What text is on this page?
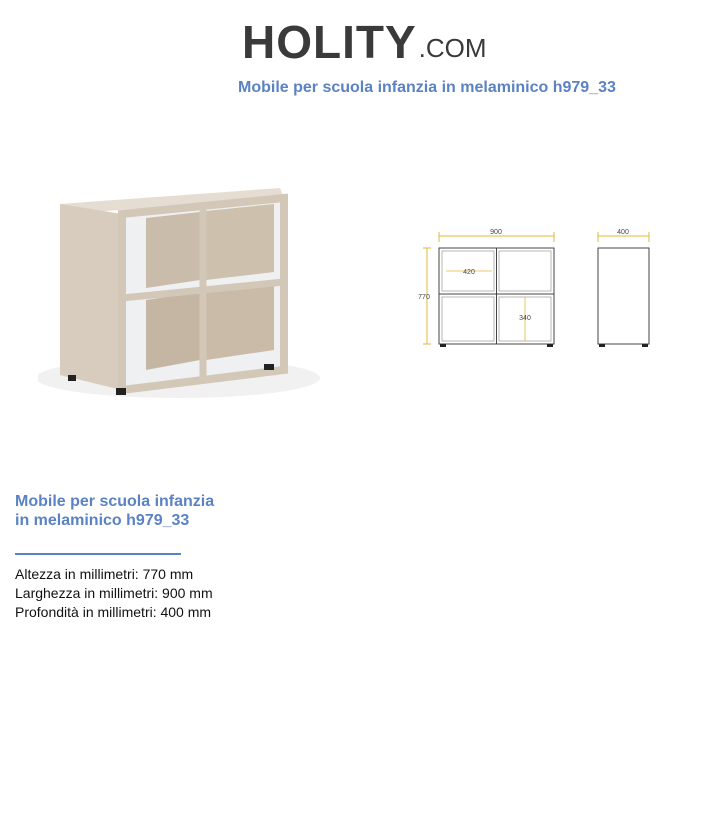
HOLITY .COM
Mobile per scuola infanzia in melaminico h979_33
900
770
420
340
400
Mobile per scuola infanzia in melaminico h979_33
Altezza in millimetri: 770 mm
Larghezza in millimetri: 900 mm
Profondità in millimetri: 400 mm
